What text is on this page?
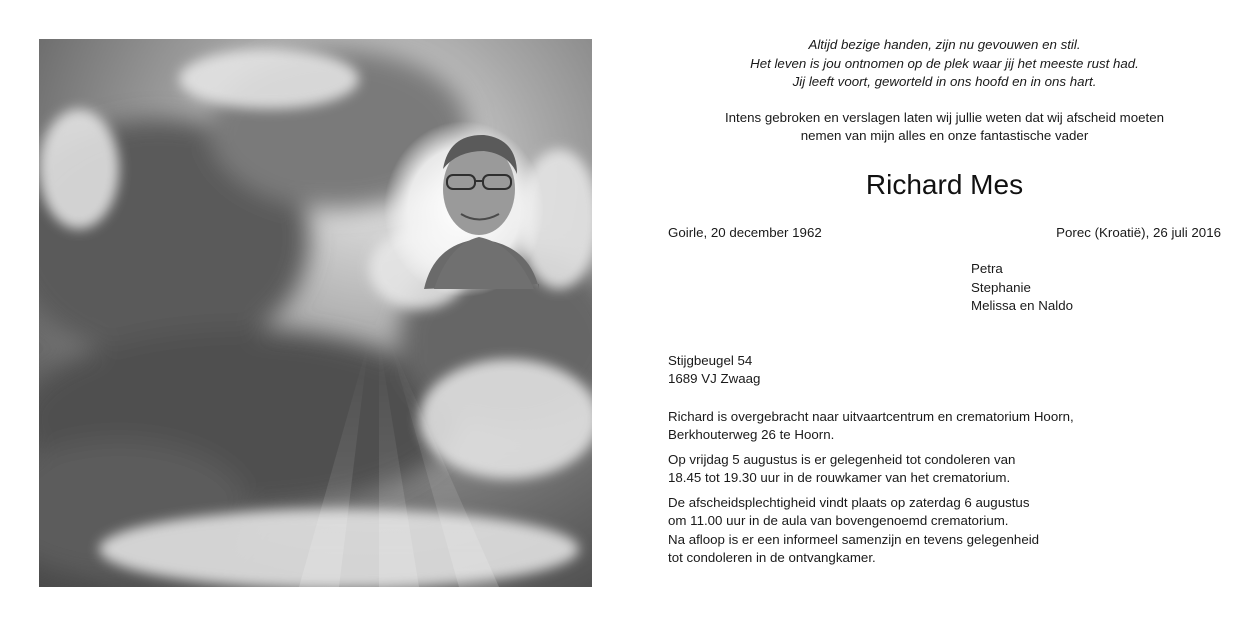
Altijd bezige handen, zijn nu gevouwen en stil.
Het leven is jou ontnomen op de plek waar jij het meeste rust had.
Jij leeft voort, geworteld in ons hoofd en in ons hart.
Intens gebroken en verslagen laten wij jullie weten dat wij afscheid moeten
nemen van mijn alles en onze fantastische vader
Richard Mes
Goirle, 20 december 1962	Porec (Kroatië), 26 juli 2016
Petra
Stephanie
Melissa en Naldo
Stijgbeugel 54
1689 VJ Zwaag

Richard is overgebracht naar uitvaartcentrum en crematorium Hoorn,
Berkhouterweg 26 te Hoorn.

Op vrijdag 5 augustus is er gelegenheid tot condoleren van
18.45 tot 19.30 uur in de rouwkamer van het crematorium.

De afscheidsplechtigheid vindt plaats op zaterdag 6 augustus
om 11.00 uur in de aula van bovengenoemd crematorium.
Na afloop is er een informeel samenzijn en tevens gelegenheid
tot condoleren in de ontvangkamer.
